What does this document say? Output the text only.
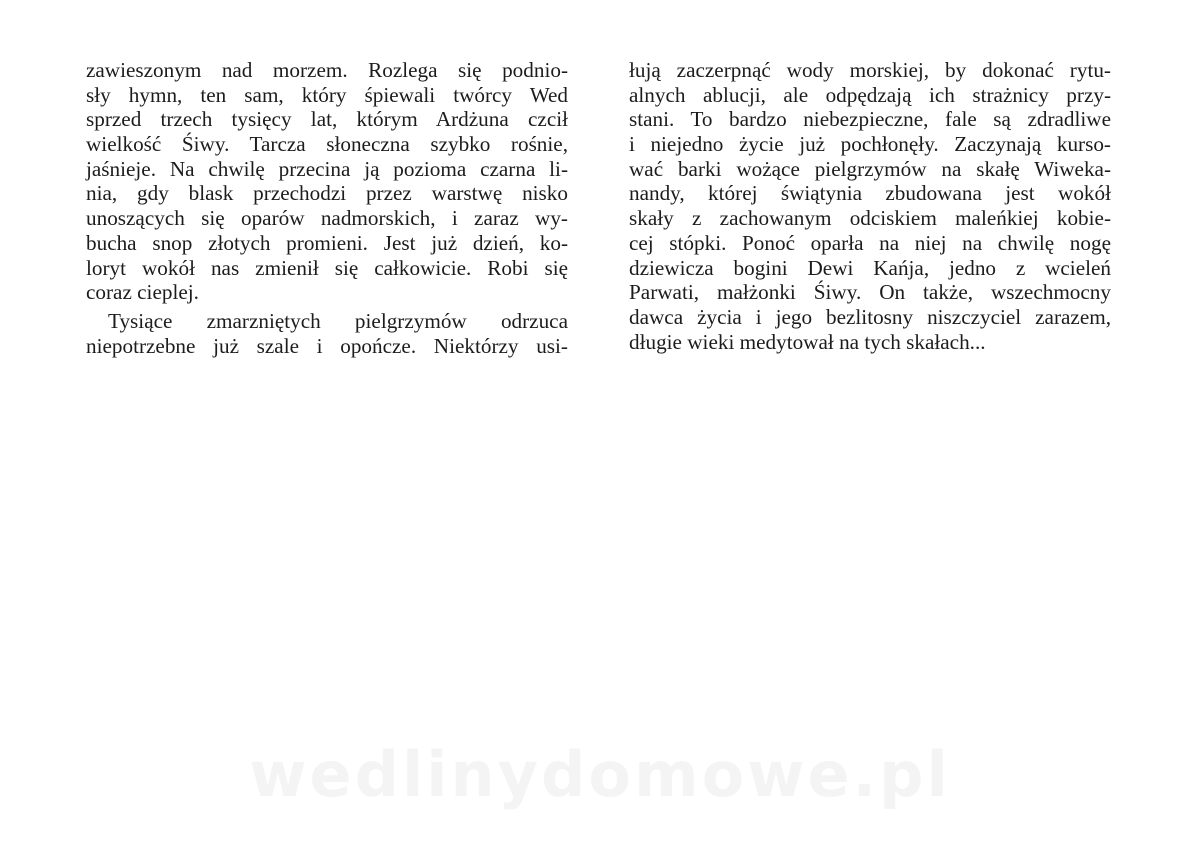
zawieszonym nad morzem. Rozlega się podnio-
sły hymn, ten sam, który śpiewali twórcy Wed
sprzed trzech tysięcy lat, którym Ardżuna czcił
wielkość Śiwy. Tarcza słoneczna szybko rośnie,
jaśnieje. Na chwilę przecina ją pozioma czarna li-
nia, gdy blask przechodzi przez warstwę nisko
unoszących się oparów nadmorskich, i zaraz wy-
bucha snop złotych promieni. Jest już dzień, ko-
loryt wokół nas zmienił się całkowicie. Robi się
coraz cieplej.
Tysiące zmarzniętych pielgrzymów odrzuca
niepotrzebne już szale i opończe. Niektórzy usi-
łują zaczerpnąć wody morskiej, by dokonać rytu-
alnych ablucji, ale odpędzają ich strażnicy przy-
stani. To bardzo niebezpieczne, fale są zdradliwe
i niejedno życie już pochłonęły. Zaczynają kurso-
wać barki wożące pielgrzymów na skałę Wiweka-
nandy, której świątynia zbudowana jest wokół
skały z zachowanym odciskiem maleńkiej kobie-
cej stópki. Ponoć oparła na niej na chwilę nogę
dziewicza bogini Dewi Kańja, jedno z wcieleń
Parwati, małżonki Śiwy. On także, wszechmocny
dawca życia i jego bezlitosny niszczyciel zarazem,
długie wieki medytował na tych skałach...
wedlinydomowe.pl
